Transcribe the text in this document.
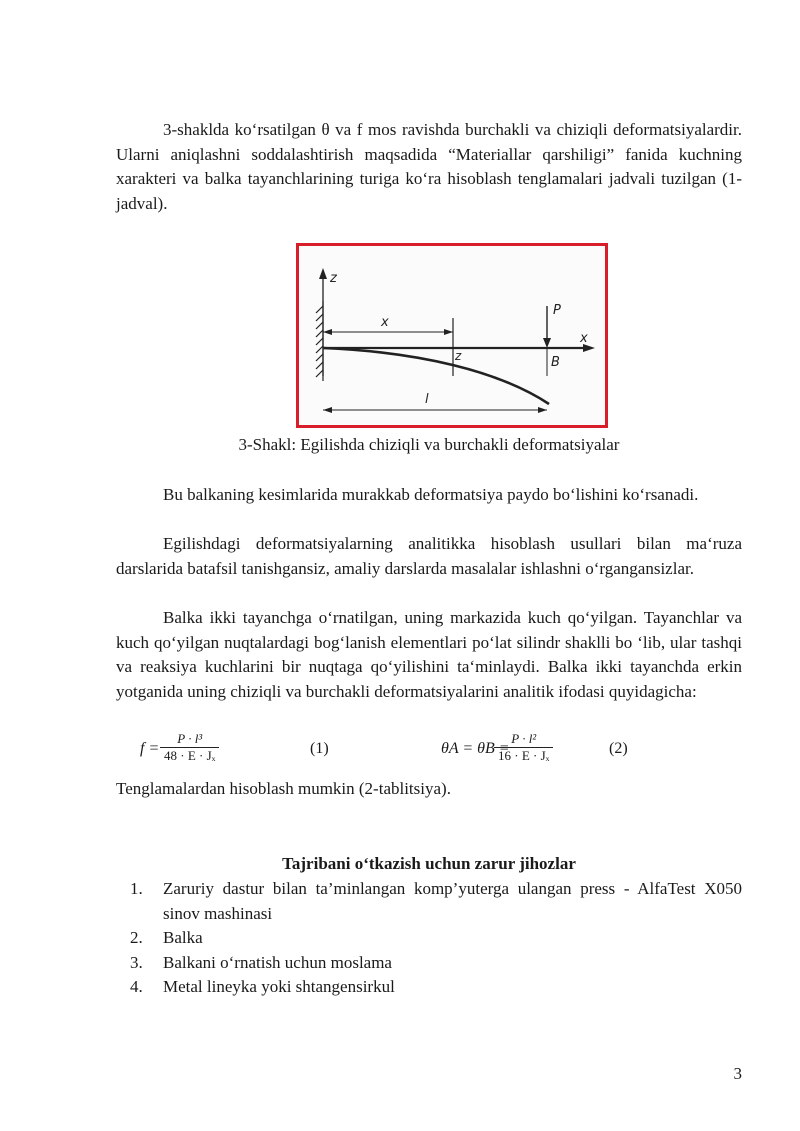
3-shaklda ko‘rsatilgan θ va f mos ravishda burchakli va chiziqli deformatsiyalardir. Ularni aniqlashni soddalashtirish maqsadida “Materiallar qarshiligi” fanida kuchning xarakteri va balka tayanchlarining turiga ko‘ra hisoblash tenglamalari jadvali tuzilgan (1-jadval).

z
x
x
z
P
B
l
3-Shakl: Egilishda chiziqli va burchakli deformatsiyalar

Bu balkaning kesimlarida murakkab deformatsiya paydo bo‘lishini ko‘rsanadi.

Egilishdagi deformatsiyalarning analitikka hisoblash usullari bilan ma‘ruza darslarida batafsil tanishgansiz, amaliy darslarda masalalar ishlashni o‘rgangansizlar.

Balka ikki tayanchga o‘rnatilgan, uning markazida kuch qo‘yilgan. Tayanchlar va kuch qo‘yilgan nuqtalardagi bog‘lanish elementlari po‘lat silindr shaklli bo ‘lib, ular tashqi va reaksiya kuchlarini bir nuqtaga qo‘yilishini ta‘minlaydi. Balka ikki tayanchda erkin yotganida uning chiziqli va burchakli deformatsiyalarini analitik ifodasi quyidagicha:

$f = \frac{\text{P · l³}}{\text{48 · E · Jₓ}}$	(1)	θA = θB =
$\frac{\text{P · l²}}{\text{16 · E · Jₓ}}$	(2)

Tenglamalardan hisoblash mumkin (2-tablitsiya).

Tajribani o‘tkazish uchun zarur jihozlar
1. Zaruriy dastur bilan ta’minlangan komp’yuterga ulangan press - AlfaTest X050 sinov mashinasi
2. Balka
3. Balkani o‘rnatish uchun moslama
4. Metal lineyka yoki shtangensirkul
3
